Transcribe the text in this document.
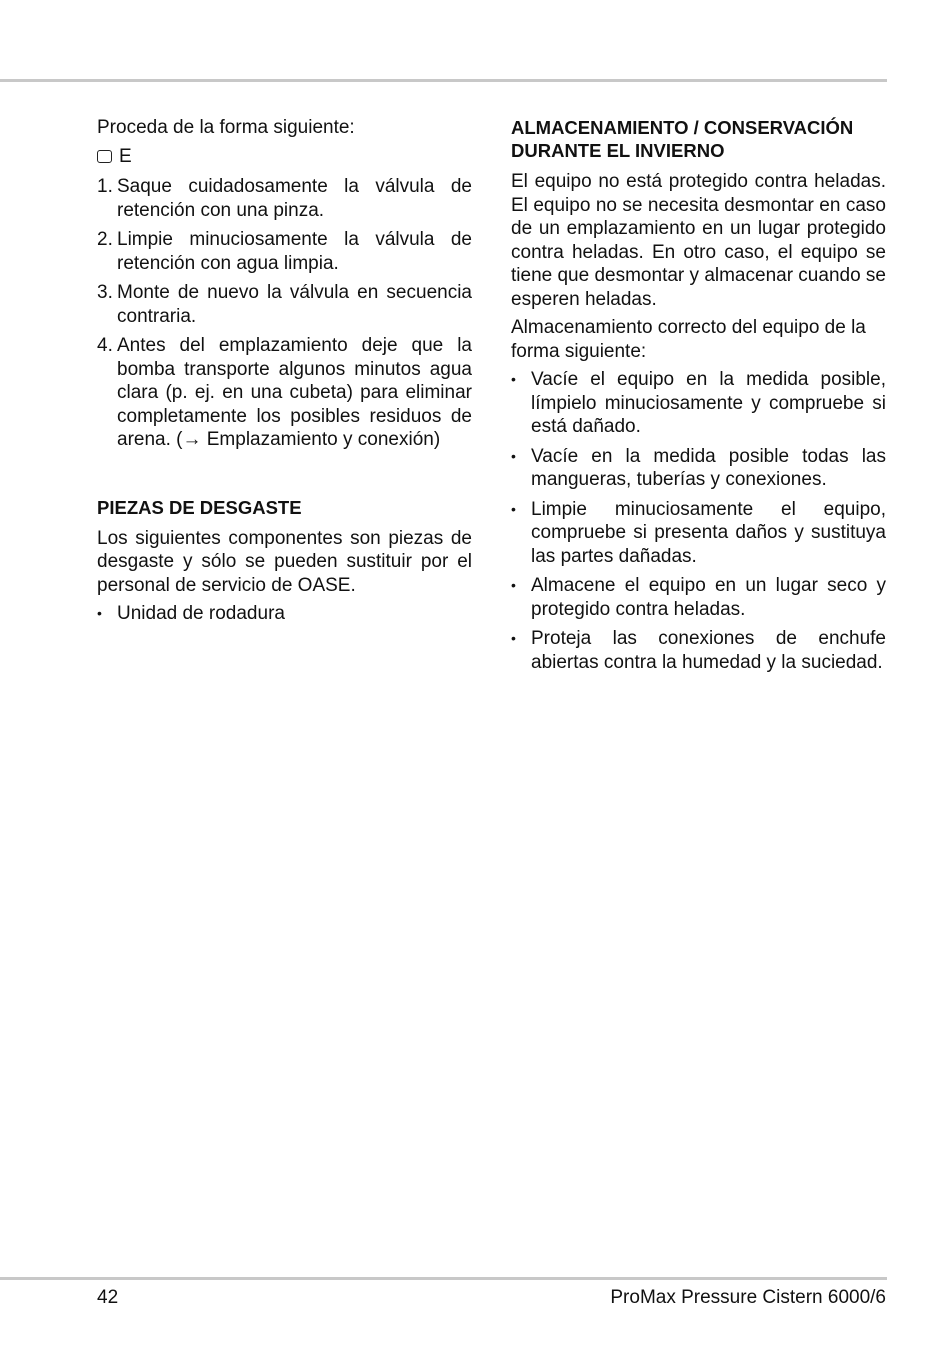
Proceda de la forma siguiente:

E
1. Saque cuidadosamente la válvula de retención con una pinza.
2. Limpie minuciosamente la válvula de retención con agua limpia.
3. Monte de nuevo la válvula en secuencia contraria.
4. Antes del emplazamiento deje que la bomba transporte algunos minutos agua clara (p. ej. en una cubeta) para eliminar completamente los posibles residuos de arena. (→ Emplazamiento y conexión)
PIEZAS DE DESGASTE

Los siguientes componentes son piezas de desgaste y sólo se pueden sustituir por el personal de servicio de OASE.

• Unidad de rodadura
ALMACENAMIENTO / CONSERVACIÓN DURANTE EL INVIERNO

El equipo no está protegido contra heladas. El equipo no se necesita desmontar en caso de un emplazamiento en un lugar protegido contra heladas. En otro caso, el equipo se tiene que desmontar y almacenar cuando se esperen heladas.

Almacenamiento correcto del equipo de la forma siguiente:

• Vacíe el equipo en la medida posible, límpielo minuciosamente y compruebe si está dañado.
• Vacíe en la medida posible todas las mangueras, tuberías y conexiones.
• Limpie minuciosamente el equipo, compruebe si presenta daños y sustituya las partes dañadas.
• Almacene el equipo en un lugar seco y protegido contra heladas.
• Proteja las conexiones de enchufe abiertas contra la humedad y la suciedad.
42	ProMax Pressure Cistern 6000/6
